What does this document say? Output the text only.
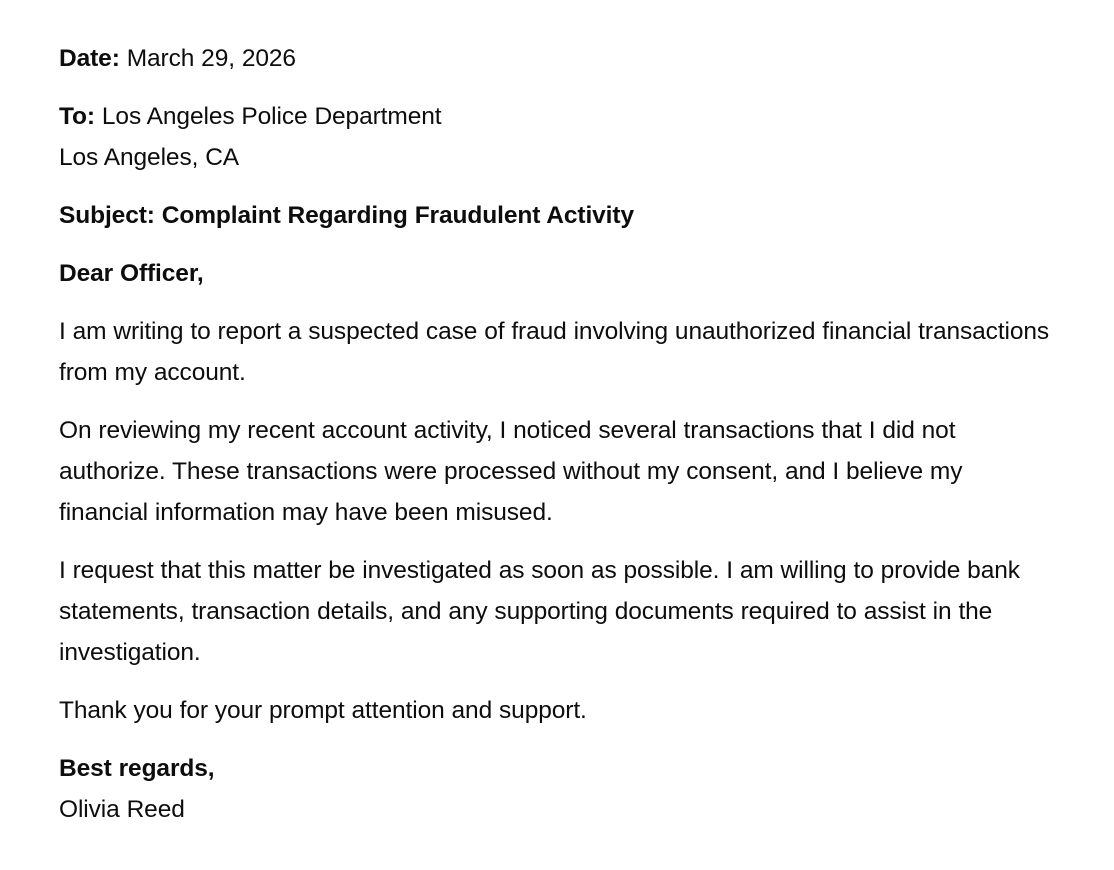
Date: March 29, 2026

To: Los Angeles Police Department
Los Angeles, CA

Subject: Complaint Regarding Fraudulent Activity

Dear Officer,

I am writing to report a suspected case of fraud involving unauthorized financial transactions from my account.

On reviewing my recent account activity, I noticed several transactions that I did not authorize. These transactions were processed without my consent, and I believe my financial information may have been misused.

I request that this matter be investigated as soon as possible. I am willing to provide bank statements, transaction details, and any supporting documents required to assist in the investigation.

Thank you for your prompt attention and support.

Best regards,
Olivia Reed
